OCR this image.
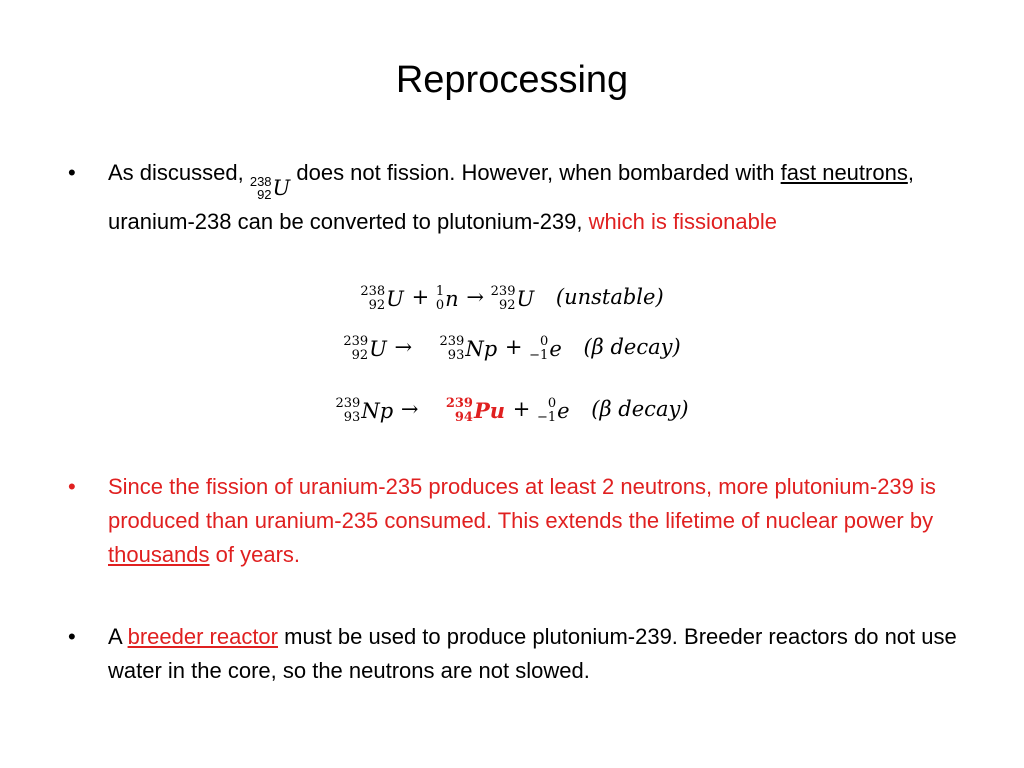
Reprocessing
• As discussed, 238
92 U
does not fission. However, when bombarded with fast neutrons, uranium-238 can be converted to plutonium-239, which is fissionable
238
92 U + 1
0 n → 239
92 U (unstable)
239
92 U → 239
93 Np + 0
−1 e (β decay)
239
93 Np → 239
94 Pu + 0
−1 e (β decay)
• Since the fission of uranium-235 produces at least 2 neutrons, more plutonium-239 is produced than uranium-235 consumed. This extends the lifetime of nuclear power by thousands of years.
• A breeder reactor must be used to produce plutonium-239. Breeder reactors do not use water in the core, so the neutrons are not slowed.
